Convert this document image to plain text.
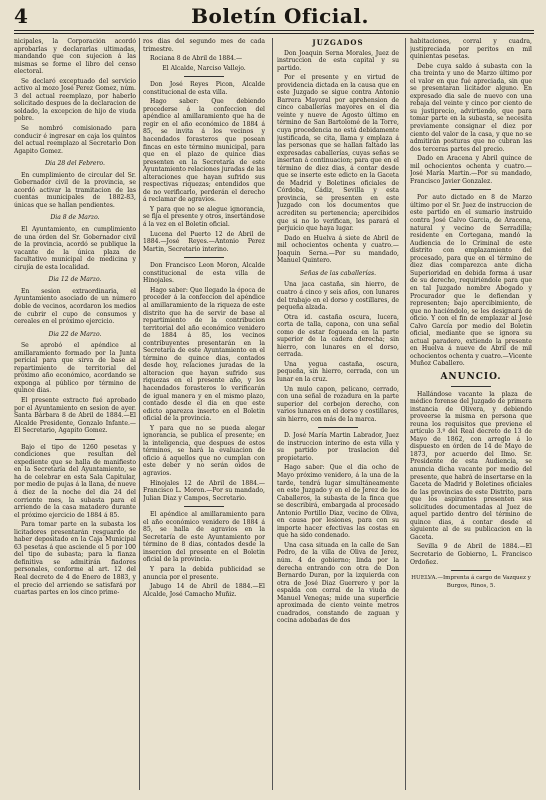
4	Boletín Oficial.

nicipales, la Corporación acordó aprobarlas y declararlas ultimadas, mandando que con sujecion á las mismas se forme el libro del censo electoral.

Se declaró exceptuado del servicio activo al mozo José Perez Gomez, núm. 3 del actual reemplazo, por haberlo solicitado despues de la declaracion de soldado, la excepcion de hijo de viuda pobre.

Se nombró comisionado para conducir é ingresar en caja los quintos del actual reemplazo al Secretario Don Agapito Gomez.

Dia 28 del Febrero.

En cumplimiento de circular del Sr. Gobernador civil de la provincia, se acordó activar la tramitacion de las cuentas municipales de 1882-83, únicas que se hallan pendientes.

Dia 8 de Marzo.

El Ayuntamiento, en cumplimiento de una órden del Sr. Gobernador civil de la provincia, acordó se publique la vacante de la única plaza de facultativo municipal de medicina y cirujía de esta localidad.

Dia 12 de Marzo.

En sesion extraordinaria, el Ayuntamiento asociado de un número doble de vecinos, acordaron los medios de cubrir el cupo de consumos y cereales en el próximo ejercicio.

Dia 22 de Marzo.

Se aprobó el apéndice al amillaramiento formado por la Junta pericial para que sirva de base al repartimiento de territorial del próximo año económico, acordando se exponga al público por término de quince dias.

El presente extracto fué aprobado por el Ayuntamiento en sesion de ayer. Santa Bárbara 8 de Abril de 1884.—El Alcalde Presidente, Gonzalo Infante.—El Secretario, Agapito Gomez.

Bajo el tipo de 1260 pesetas y condiciones que resultan del expediente que se halla de manifiesto en la Secretaría del Ayuntamiento, se ha de celebrar en esta Sala Capitular, por medio de pujas á la llana, de nueve á diez de la noche del dia 24 del corriente mes, la subasta para el arriendo de la casa matadero durante el próximo ejercicio de 1884 á 85.

Para tomar parte en la subasta los licitadores presentarán resguardo de haber depositado en la Caja Municipal 63 pesetas á que asciende el 5 por 100 del tipo de subasta; para la fianza definitiva se admitirán fiadores personales, conforme al art. 12 del Real decreto de 4 de Enero de 1883, y el precio del arriendo se satisfará por cuartas partes en los cinco prime-

ros dias del segundo mes de cada trimestre.

Rociana 8 de Abril de 1884.—

El Alcalde, Narciso Vallejo.

Don José Reyes Picon, Alcalde constitucional de esta villa.

Hago saber: Que debiendo procederse á la confeccion del apéndice al amillaramiento que ha de regir en el año económico de 1884 á 85, se invita á los vecinos y hacendados forasteros que posean fincas en este término municipal, para que en el plazo de quince dias presenten en la Secretaría de este Ayuntamiento relaciones juradas de las alteraciones que hayan sufrido sus respectivas riquezas; entendidos que de no verificarlo, perderán el derecho á reclamar de agravios.

Y para que no se alegue ignorancia, se fija el presente y otros, insertándose á la vez en el Boletin oficial.

Lucena del Puerto 12 de Abril de 1884.—José Reyes.—Antonio Perez Martin, Secretario interino.

Don Francisco Leon Moron, Alcalde constitucional de esta villa de Hinojales.

Hago saber: Que llegado la época de proceder á la confeccion del apéndice al amillaramiento de la riqueza de este distrito que ha de servir de base al repartimiento de la contribucion territorial del año económico venidero de 1884 á 85, los vecinos contribuyentes presentarán en la Secretaría de este Ayuntamiento en el término de quince dias, contados desde hoy, relaciones juradas de la alteracion que hayan sufrido sus riquezas en el presente año, y los hacendados forasteros lo verificarán de igual manera y en el mismo plazo, contado desde el dia en que este edicto aparezca inserto en el Boletin oficial de la provincia.

Y para que no se pueda alegar ignorancia, se publica el presente; en la inteligencia, que despues de estos términos, se hará la evaluacion de oficio á aquellos que no cumplan con este deber y no serán oidos de agravios.

Hinojales 12 de Abril de 1884.—Francisco L. Moron.—Por su mandado, Julian Diaz y Campos, Secretario.

El apéndice al amillaramiento para el año económico venidero de 1884 á 85, se halla de agravios en la Secretaría de este Ayuntamiento por término de 8 dias, contados desde la insercion del presente en el Boletin oficial de la provincia.

Y para la debida publicidad se anuncia por el presente.

Jabugo 14 de Abril de 1884.—El Alcalde, José Camacho Muñiz.

JUZGADOS

Don Joaquin Serna Morales, Juez de instruccion de esta capital y su partido.

Por el presente y en virtud de providencia dictada en la causa que en este Juzgado se sigue contra Antonio Barrera Mayoral por aprehension de cinco caballerías mayores en el dia veinte y nueve de Agosto último en término de San Bartolomé de la Torre, cuya procedencia no está debidamente justificada, se cita, llama y emplaza á las personas que se hallan faltado las expresadas caballerías, cuyas señas se insertan á continuacion; para que en el término de diez dias, á contar desde que se inserte este edicto en la Gaceta de Madrid y Boletines oficiales de Córdoba, Cádiz, Sevilla y esta provincia, se presenten en este Juzgado con los documentos que acrediten su pertenencia; apercibidos que si no lo verifican, les parará el perjuicio que haya lugar.

Dado en Huelva á siete de Abril de mil ochocientos ochenta y cuatro.—Joaquin Serna.—Por su mandado, Manuel Quintero.

Señas de las caballerías.

Una jaca castaña, sin hierro, de cuatro á cinco y seis años, con lunares del trabajo en el dorso y costillares, de pequeña alzada.

Otra id. castaña oscura, lucera, corta de talla, capona, con una señal como de estar fogueada en la parte superior de la cadera derecha; sin hierro, con lunares en el dorso, cerrada.

Una yegua castaña, oscura, pequeña, sin hierro, cerrada, con un lunar en la cruz.

Un mulo capon, pelicano, cerrado, con una señal de rozadura en la parte superior del corbejon derecho, con varios lunares en el dorso y costillares, sin hierro, con más de la marca.

D. José María Martin Labrador, Juez de instruccion interino de esta villa y su partido por traslacion del propietario.

Hago saber: Que el dia ocho de Mayo próximo venidero, á la una de la tarde, tendrá lugar simultáneamente en este Juzgado y en el de Jerez de los Caballeros, la subasta de la finca que se describirá, embargada al procesado Antonio Portillo Diaz, vecino de Oliva, en causa por lesiones, para con su importe hacer efectivas las costas en que ha sido condenado.

Una casa situada en la calle de San Pedro, de la villa de Oliva de Jerez, núm. 4 de gobierno; linda por la derecha entrando con otra de Don Bernardo Duran, por la izquierda con otra de José Diaz Guerrero y por la espalda con corral de la viuda de Manuel Venegas; mide una superficie aproximada de ciento veinte metros cuadrados, constando de zaguan y cocina adobadas de dos

habitaciones, corral y cuadra, justipreciada por peritos en mil quinientas pesetas.

Debe cuya saldo á subasta con la cha treinta y uno de Marzo último por el valor en que fué apreciada, sin que se presentaran licitador alguno. En expresado dia sale de nuevo con una rebaja del veinte y cinco por ciento de su justiprecio, advirtiendo, que para tomar parte en la subasta, se necesita previamente consignar el diez por ciento del valor de la casa, y que no se admitirán posturas que no cubran las dos terceras partes del precio.

Dado en Aracena y Abril quince de mil ochocientos ochenta y cuatro.—José María Martin.—Por su mandado, Francisco Javier Gonzalez.

Por auto dictado en 8 de Marzo último por el Sr. Juez de instruccion de este partido en el sumario instruido contra José Calvo Garcia, de Aracena, natural y vecino de Serradilla; residente en Cortegana, mandó la Audiencia de lo Criminal de este distrito con emplazamiento del procesado, para que en el término de diez dias comparezca ante dicha Superioridad en debida forma á usar de su derecho, requiriéndole para que en tal Juzgado nombre Abogado y Procurador que le defiendan y representen; bajo apercibimiento, de que no haciéndolo, se les designará de oficio. Y con el fin de emplazar al José Calvo García por medio del Boletin oficial, mediante que se ignora su actual paradero, extiendo la presente en Huelva á nueve de Abril de mil ochocientos ochenta y cuatro.—Vicente Muñoz Caballero.

ANUNCIO.

Hallándose vacante la plaza de médico forense del Juzgado de primera instancia de Olivera, y debiendo proveerse la misma en persona que reuna los requisitos que previene el artículo 3.º del Real decreto de 13 de Mayo de 1862, con arreglo á lo dispuesto en órden de 14 de Mayo de 1873, por acuerdo del Ilmo. Sr. Presidente de esta Audiencia, se anuncia dicha vacante por medio del presente, que habrá de insertarse en la Gaceta de Madrid y Boletines oficiales de las provincias de este Distrito, para que los aspirantes presenten sus solicitudes documentadas al Juez de aquel partido dentro del término de quince dias, á contar desde el siguiente al de su publicacion en la Gaceta.

Sevilla 9 de Abril de 1884.—El Secretario de Gobierno, L. Francisco Ordoñez.

HUELVA.—Imprenta á cargo de Vazquez y Burgos, Rinos, 5.
